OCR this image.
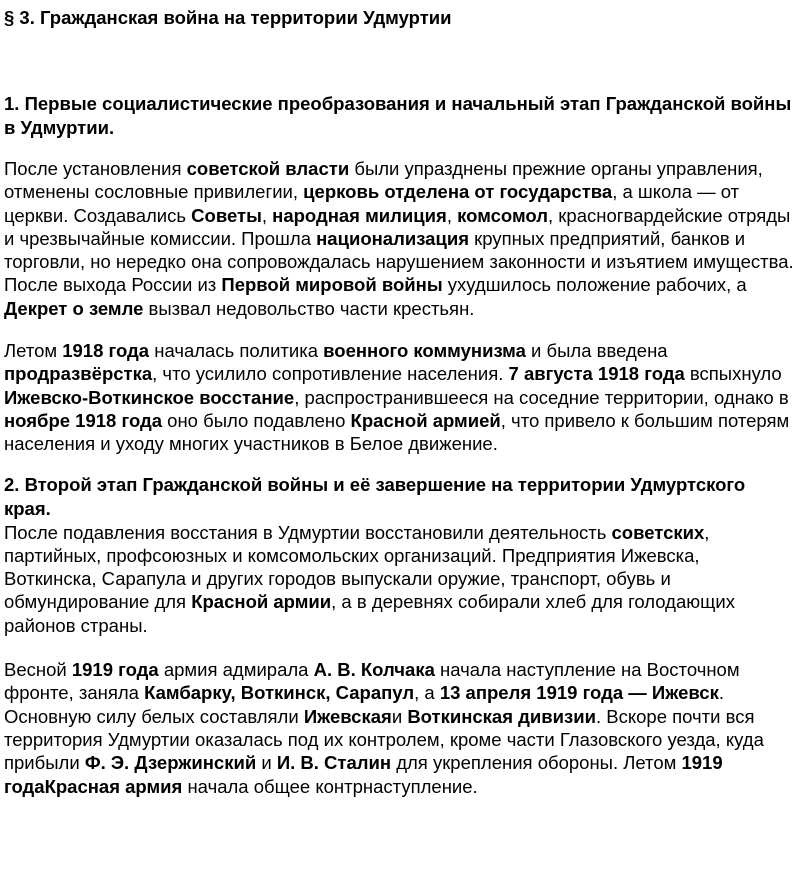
§ 3. Гражданская война на территории Удмуртии
1. Первые социалистические преобразования и начальный этап Гражданской войны в Удмуртии.

После установления советской власти были упразднены прежние органы управления, отменены сословные привилегии, церковь отделена от государства, а школа — от церкви. Создавались Советы, народная милиция, комсомол, красногвардейские отряды и чрезвычайные комиссии. Прошла национализация крупных предприятий, банков и торговли, но нередко она сопровождалась нарушением законности и изъятием имущества. После выхода России из Первой мировой войны ухудшилось положение рабочих, а Декрет о земле вызвал недовольство части крестьян.

Летом 1918 года началась политика военного коммунизма и была введена продразвёрстка, что усилило сопротивление населения. 7 августа 1918 года вспыхнуло Ижевско-Воткинское восстание, распространившееся на соседние территории, однако в ноябре 1918 года оно было подавлено Красной армией, что привело к большим потерям населения и уходу многих участников в Белое движение.

2. Второй этап Гражданской войны и её завершение на территории Удмуртского края.

После подавления восстания в Удмуртии восстановили деятельность советских, партийных, профсоюзных и комсомольских организаций. Предприятия Ижевска, Воткинска, Сарапула и других городов выпускали оружие, транспорт, обувь и обмундирование для Красной армии, а в деревнях собирали хлеб для голодающих районов страны.

Весной 1919 года армия адмирала А. В. Колчака начала наступление на Восточном фронте, заняла Камбарку, Воткинск, Сарапул, а 13 апреля 1919 года — Ижевск. Основную силу белых составляли Ижевскаяи Воткинская дивизии. Вскоре почти вся территория Удмуртии оказалась под их контролем, кроме части Глазовского уезда, куда прибыли Ф. Э. Дзержинский и И. В. Сталин для укрепления обороны. Летом 1919 годаКрасная армия начала общее контрнаступление.
